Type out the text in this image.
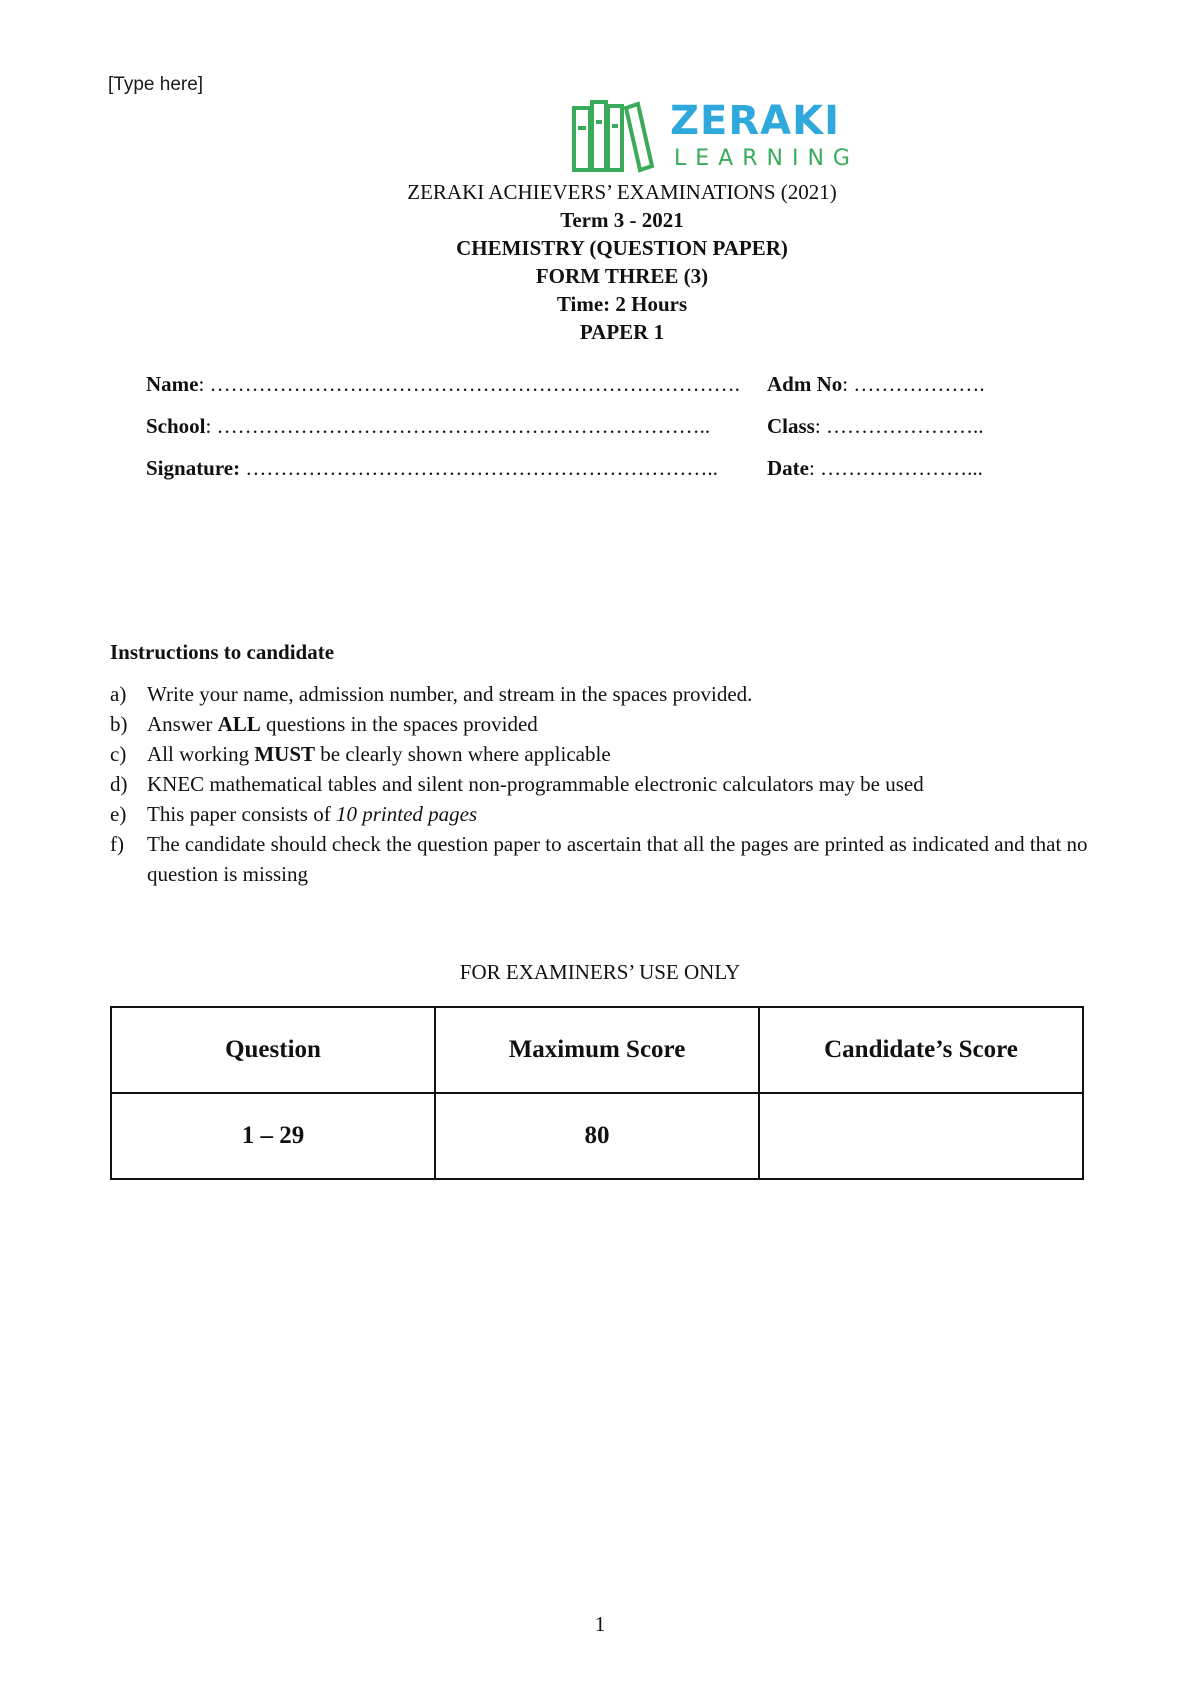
[Type here]
ZERAKI
LEARNING
ZERAKI ACHIEVERS’ EXAMINATIONS (2021)
Term 3 - 2021
CHEMISTRY (QUESTION PAPER)
FORM THREE (3)
Time: 2 Hours
PAPER 1
Name: …………………………………………………………………. Adm No: ……………….
School: ……………………………………………………………..	Class: …………………..
Signature: ………………………………………………………….. Date: …………………...
Instructions to candidate
a) Write your name, admission number, and stream in the spaces provided.
b) Answer ALL questions in the spaces provided
c) All working MUST be clearly shown where applicable
d) KNEC mathematical tables and silent non-programmable electronic calculators may be used
e) This paper consists of 10 printed pages
f) The candidate should check the question paper to ascertain that all the pages are printed as indicated and that no question is missing
FOR EXAMINERS’ USE ONLY
Question	Maximum Score	Candidate’s Score
1 – 29	80	
1
